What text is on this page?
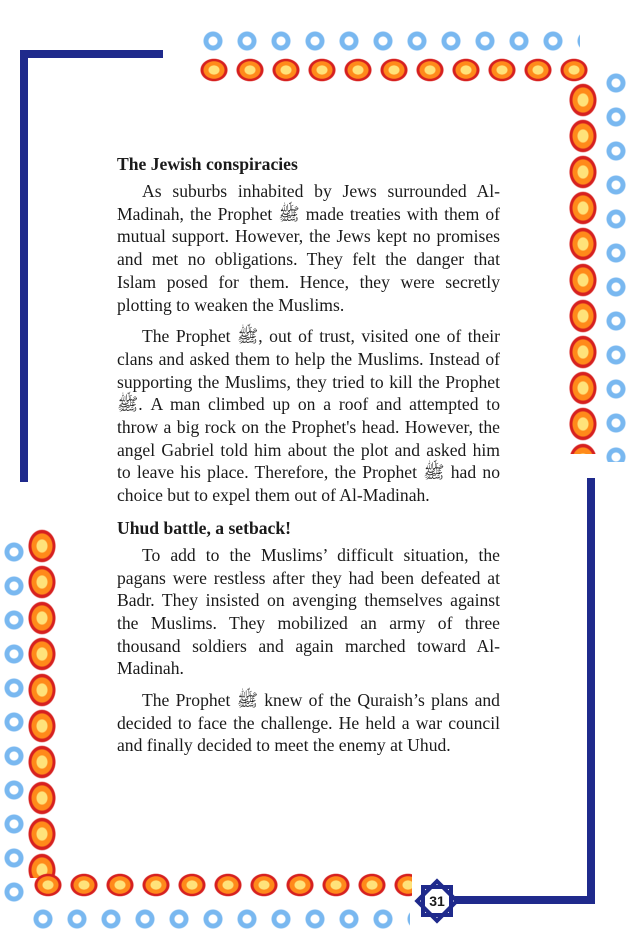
The Jewish conspiracies

As suburbs inhabited by Jews surrounded Al-Madinah, the Prophet ﷺ made treaties with them of mutual support. However, the Jews kept no promises and met no obligations. They felt the danger that Islam posed for them. Hence, they were secretly plotting to weaken the Muslims.

The Prophet ﷺ, out of trust, visited one of their clans and asked them to help the Muslims. Instead of supporting the Muslims, they tried to kill the Prophet ﷺ. A man climbed up on a roof and attempted to throw a big rock on the Prophet's head. However, the angel Gabriel told him about the plot and asked him to leave his place. Therefore, the Prophet ﷺ had no choice but to expel them out of Al-Madinah.

Uhud battle, a setback!

To add to the Muslims’ difficult situation, the pagans were restless after they had been defeated at Badr. They insisted on avenging themselves against the Muslims. They mobilized an army of three thousand soldiers and again marched toward Al-Madinah.

The Prophet ﷺ knew of the Quraish’s plans and decided to face the challenge. He held a war council and finally decided to meet the enemy at Uhud.

31
